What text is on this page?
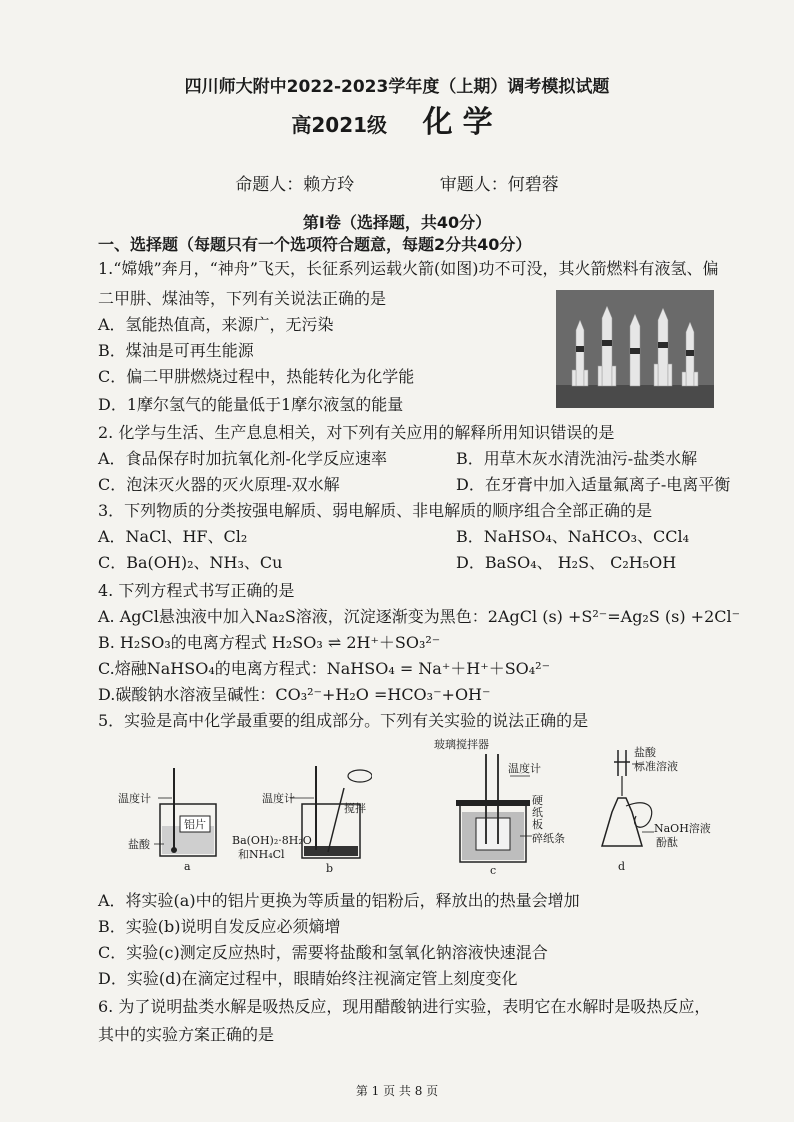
四川师大附中2022-2023学年度（上期）调考模拟试题
高2021级 化学
命题人：赖方玲	审题人：何碧蓉
第Ⅰ卷（选择题，共40分）
一、选择题（每题只有一个选项符合题意，每题2分共40分）
1.“嫦娥”奔月，“神舟”飞天，长征系列运载火箭(如图)功不可没，其火箭燃料有液氢、偏
二甲肼、煤油等，下列有关说法正确的是
A．氢能热值高，来源广，无污染
B．煤油是可再生能源
C．偏二甲肼燃烧过程中，热能转化为化学能
D．1摩尔氢气的能量低于1摩尔液氢的能量
2. 化学与生活、生产息息相关，对下列有关应用的解释所用知识错误的是
A．食品保存时加抗氧化剂-化学反应速率	B．用草木灰水清洗油污-盐类水解
C．泡沫灭火器的灭火原理-双水解	D．在牙膏中加入适量氟离子-电离平衡
3．下列物质的分类按强电解质、弱电解质、非电解质的顺序组合全部正确的是
A．NaCl、HF、Cl₂	B．NaHSO₄、NaHCO₃、CCl₄
C．Ba(OH)₂、NH₃、Cu	D．BaSO₄、 H₂S、 C₂H₅OH
4. 下列方程式书写正确的是
A. AgCl悬浊液中加入Na₂S溶液，沉淀逐渐变为黑色：2AgCl (s) +S²⁻=Ag₂S (s) +2Cl⁻
B. H₂SO₃的电离方程式 H₂SO₃ ⇌ 2H⁺＋SO₃²⁻
C.熔融NaHSO₄的电离方程式：NaHSO₄ = Na⁺＋H⁺＋SO₄²⁻
D.碳酸钠水溶液呈碱性：CO₃²⁻+H₂O =HCO₃⁻+OH⁻
5．实验是高中化学最重要的组成部分。下列有关实验的说法正确的是
温度计
铝片
盐酸
a
温度计
搅拌
Ba(OH)₂·8H₂O
和NH₄Cl
b
玻璃搅拌器
温度计
硬
纸
板
碎纸条
c
盐酸
标准溶液
NaOH溶液
酚酞
d
A．将实验(a)中的铝片更换为等质量的铝粉后，释放出的热量会增加
B．实验(b)说明自发反应必须熵增
C．实验(c)测定反应热时，需要将盐酸和氢氧化钠溶液快速混合
D．实验(d)在滴定过程中，眼睛始终注视滴定管上刻度变化
6. 为了说明盐类水解是吸热反应，现用醋酸钠进行实验，表明它在水解时是吸热反应，
其中的实验方案正确的是
第 1 页 共 8 页
